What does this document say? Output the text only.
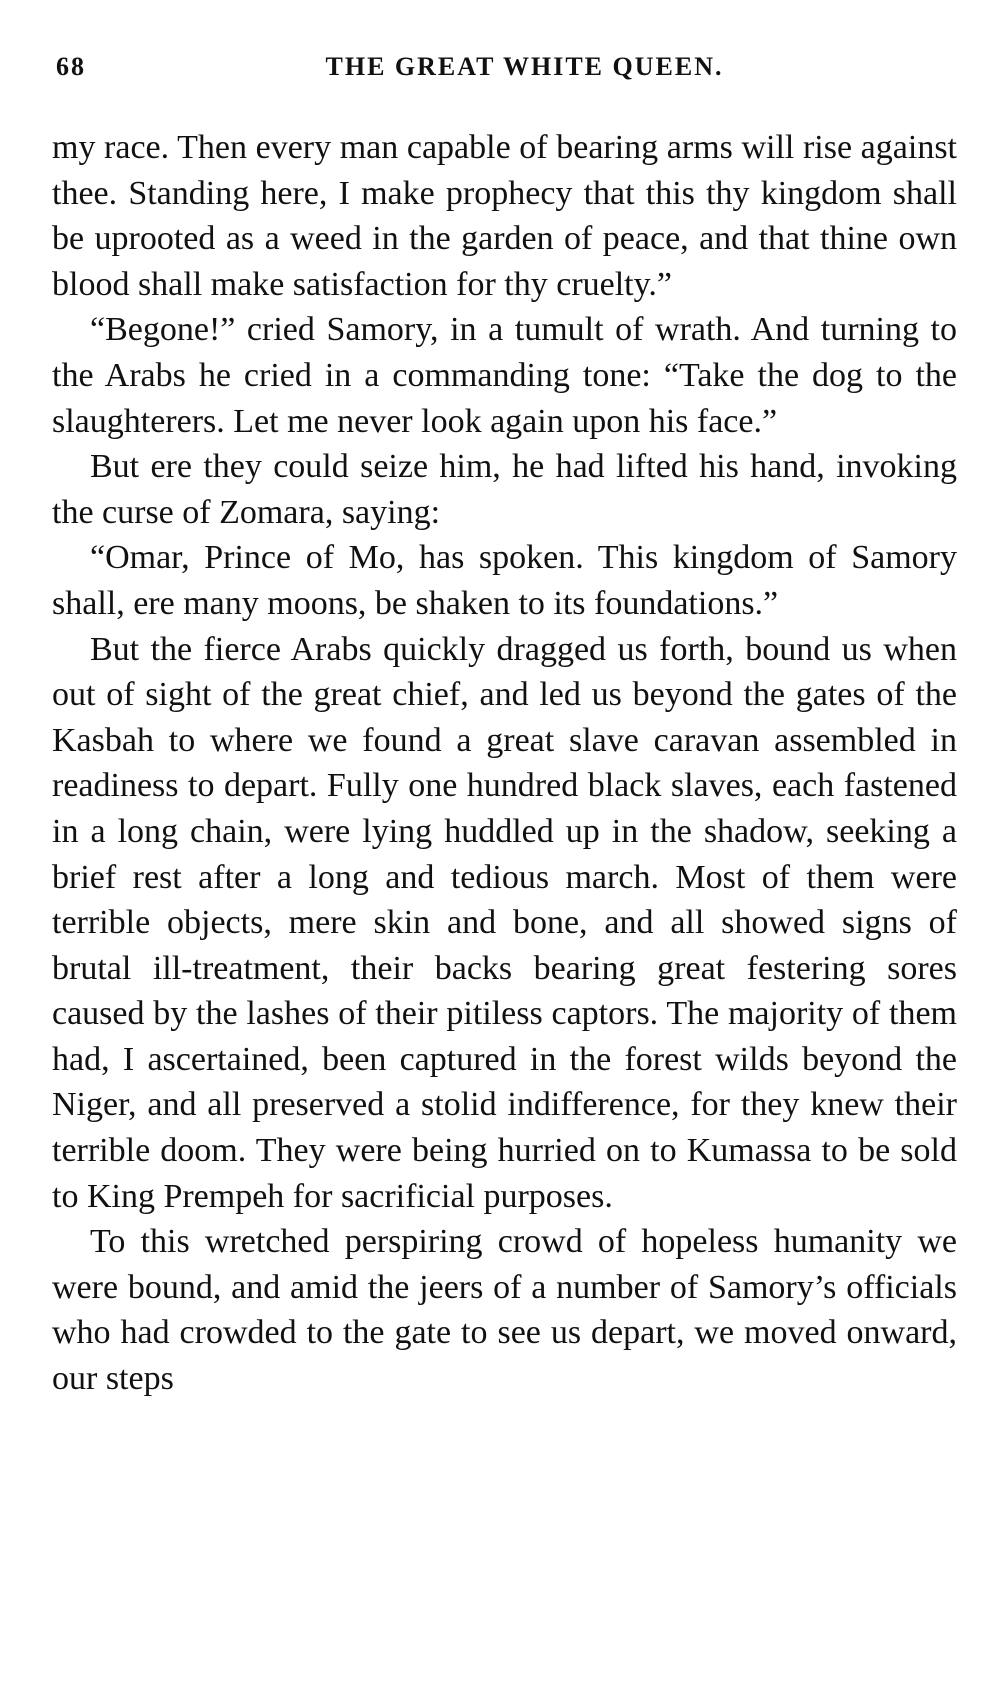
68	THE GREAT WHITE QUEEN.

my race. Then every man capable of bearing arms will rise against thee. Standing here, I make prophecy that this thy kingdom shall be uprooted as a weed in the garden of peace, and that thine own blood shall make satisfaction for thy cruelty.”

“Begone!” cried Samory, in a tumult of wrath. And turning to the Arabs he cried in a commanding tone: “Take the dog to the slaughterers. Let me never look again upon his face.”

But ere they could seize him, he had lifted his hand, invoking the curse of Zomara, saying:

“Omar, Prince of Mo, has spoken. This kingdom of Samory shall, ere many moons, be shaken to its foundations.”

But the fierce Arabs quickly dragged us forth, bound us when out of sight of the great chief, and led us beyond the gates of the Kasbah to where we found a great slave caravan assembled in readiness to depart. Fully one hundred black slaves, each fastened in a long chain, were lying huddled up in the shadow, seeking a brief rest after a long and tedious march. Most of them were terrible objects, mere skin and bone, and all showed signs of brutal ill-treatment, their backs bearing great festering sores caused by the lashes of their pitiless captors. The majority of them had, I ascertained, been captured in the forest wilds beyond the Niger, and all preserved a stolid indifference, for they knew their terrible doom. They were being hurried on to Kumassa to be sold to King Prempeh for sacrificial purposes.

To this wretched perspiring crowd of hopeless humanity we were bound, and amid the jeers of a number of Samory’s officials who had crowded to the gate to see us depart, we moved onward, our steps
